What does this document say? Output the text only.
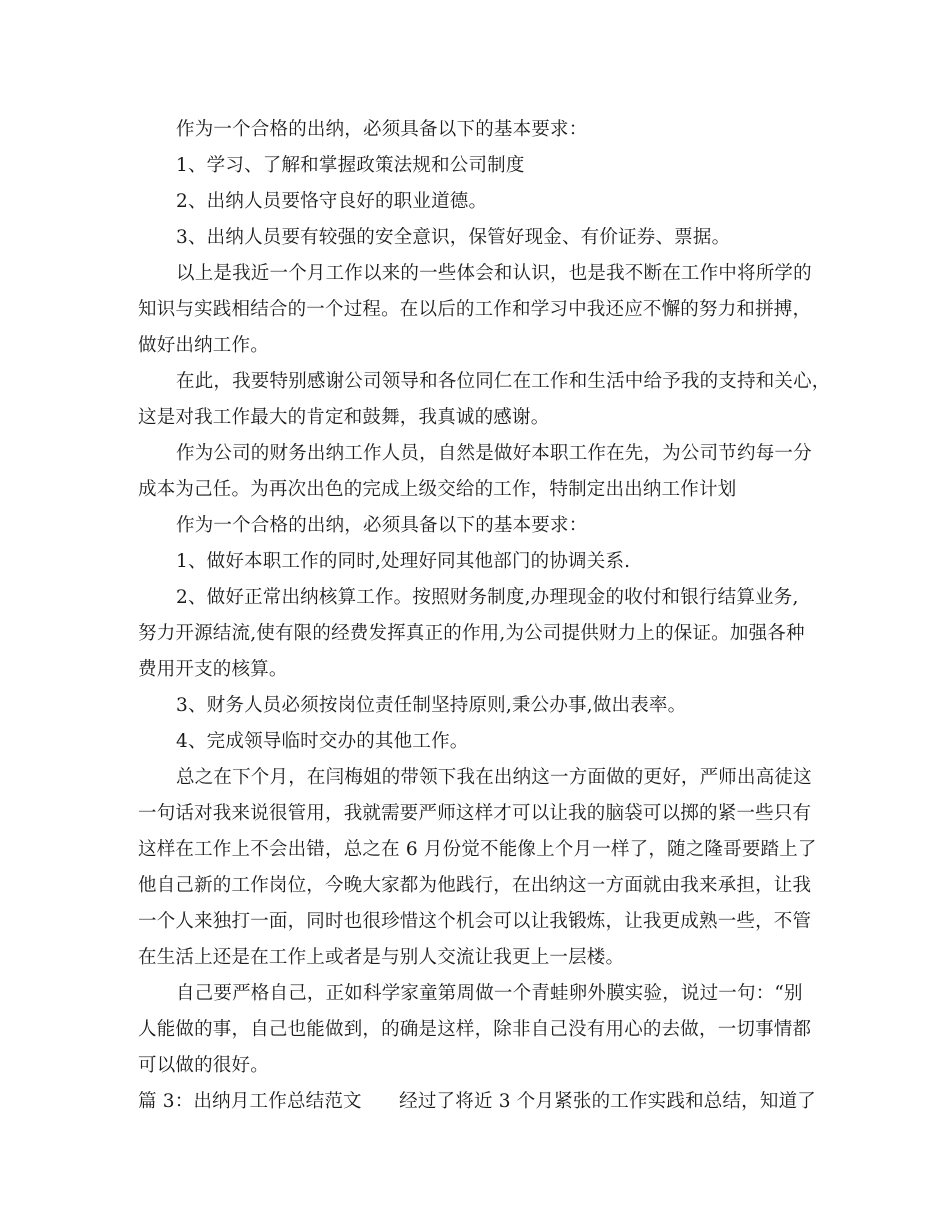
作为一个合格的出纳，必须具备以下的基本要求：
1、学习、了解和掌握政策法规和公司制度
2、出纳人员要恪守良好的职业道德。
3、出纳人员要有较强的安全意识，保管好现金、有价证券、票据。
以上是我近一个月工作以来的一些体会和认识，也是我不断在工作中将所学的
知识与实践相结合的一个过程。在以后的工作和学习中我还应不懈的努力和拼搏，
做好出纳工作。
在此，我要特别感谢公司领导和各位同仁在工作和生活中给予我的支持和关心，
这是对我工作最大的肯定和鼓舞，我真诚的感谢。
作为公司的财务出纳工作人员，自然是做好本职工作在先，为公司节约每一分
成本为己任。为再次出色的完成上级交给的工作，特制定出出纳工作计划
作为一个合格的出纳，必须具备以下的基本要求：
1、做好本职工作的同时,处理好同其他部门的协调关系.
2、做好正常出纳核算工作。按照财务制度,办理现金的收付和银行结算业务,
努力开源结流,使有限的经费发挥真正的作用,为公司提供财力上的保证。加强各种
费用开支的核算。
3、财务人员必须按岗位责任制坚持原则,秉公办事,做出表率。
4、完成领导临时交办的其他工作。
总之在下个月，在闫梅姐的带领下我在出纳这一方面做的更好，严师出高徒这
一句话对我来说很管用，我就需要严师这样才可以让我的脑袋可以掷的紧一些只有
这样在工作上不会出错，总之在 6 月份觉不能像上个月一样了，随之隆哥要踏上了
他自己新的工作岗位，今晚大家都为他践行，在出纳这一方面就由我来承担，让我
一个人来独打一面，同时也很珍惜这个机会可以让我锻炼，让我更成熟一些，不管
在生活上还是在工作上或者是与别人交流让我更上一层楼。
自己要严格自己，正如科学家童第周做一个青蛙卵外膜实验，说过一句：“别
人能做的事，自己也能做到，的确是这样，除非自己没有用心的去做，一切事情都
可以做的很好。
篇 3：出纳月工作总结范文　　经过了将近 3 个月紧张的工作实践和总结，知道了
